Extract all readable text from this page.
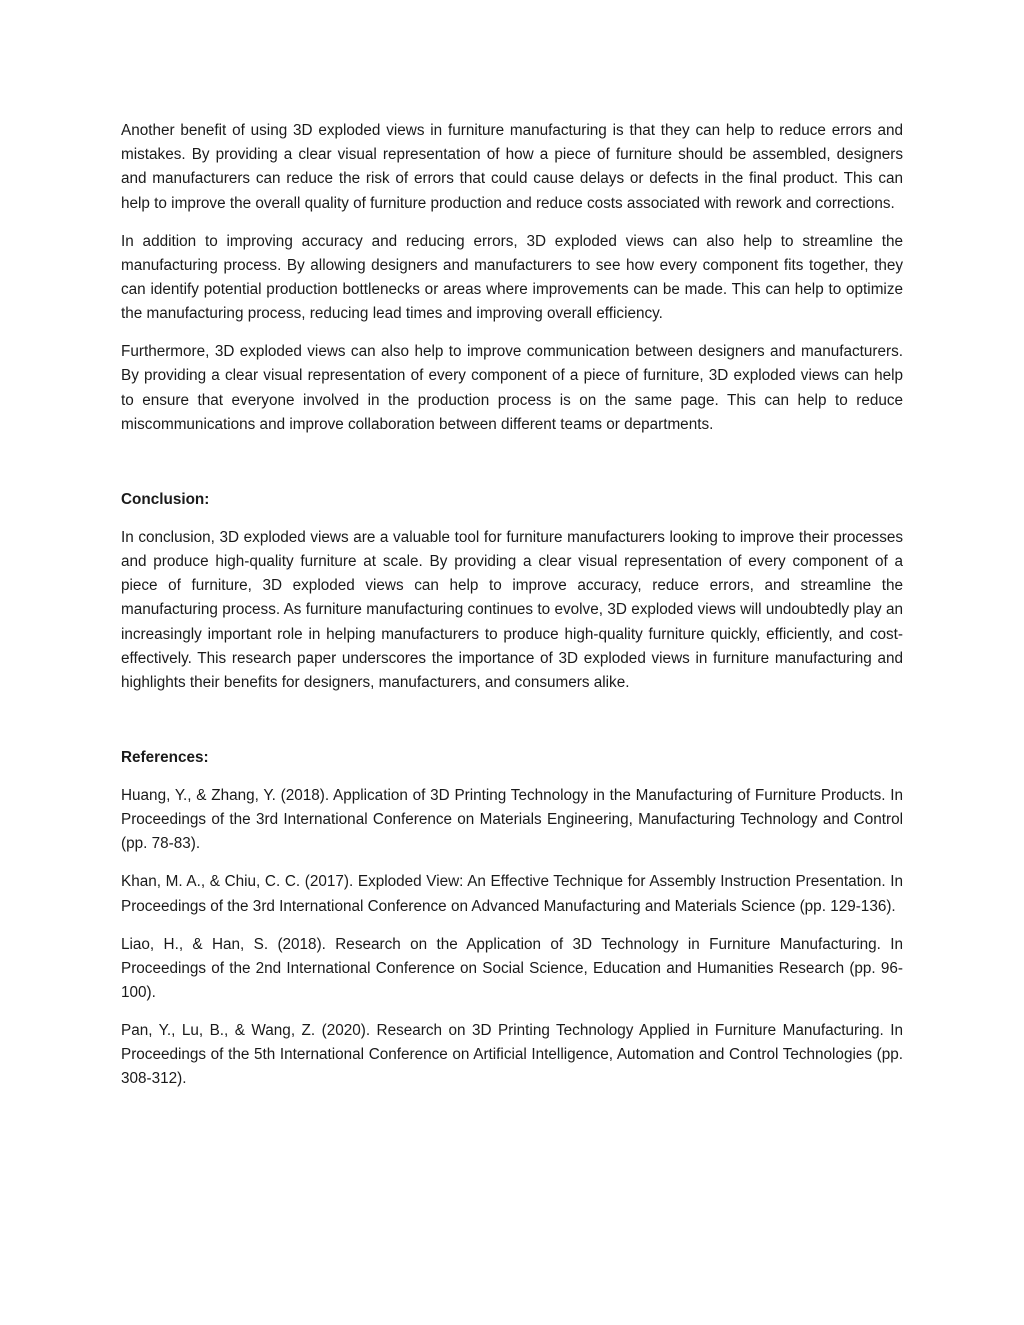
Another benefit of using 3D exploded views in furniture manufacturing is that they can help to reduce errors and mistakes. By providing a clear visual representation of how a piece of furniture should be assembled, designers and manufacturers can reduce the risk of errors that could cause delays or defects in the final product. This can help to improve the overall quality of furniture production and reduce costs associated with rework and corrections.

In addition to improving accuracy and reducing errors, 3D exploded views can also help to streamline the manufacturing process. By allowing designers and manufacturers to see how every component fits together, they can identify potential production bottlenecks or areas where improvements can be made. This can help to optimize the manufacturing process, reducing lead times and improving overall efficiency.

Furthermore, 3D exploded views can also help to improve communication between designers and manufacturers. By providing a clear visual representation of every component of a piece of furniture, 3D exploded views can help to ensure that everyone involved in the production process is on the same page. This can help to reduce miscommunications and improve collaboration between different teams or departments.

Conclusion:

In conclusion, 3D exploded views are a valuable tool for furniture manufacturers looking to improve their processes and produce high-quality furniture at scale. By providing a clear visual representation of every component of a piece of furniture, 3D exploded views can help to improve accuracy, reduce errors, and streamline the manufacturing process. As furniture manufacturing continues to evolve, 3D exploded views will undoubtedly play an increasingly important role in helping manufacturers to produce high-quality furniture quickly, efficiently, and cost-effectively. This research paper underscores the importance of 3D exploded views in furniture manufacturing and highlights their benefits for designers, manufacturers, and consumers alike.

References:

Huang, Y., & Zhang, Y. (2018). Application of 3D Printing Technology in the Manufacturing of Furniture Products. In Proceedings of the 3rd International Conference on Materials Engineering, Manufacturing Technology and Control (pp. 78-83).

Khan, M. A., & Chiu, C. C. (2017). Exploded View: An Effective Technique for Assembly Instruction Presentation. In Proceedings of the 3rd International Conference on Advanced Manufacturing and Materials Science (pp. 129-136).

Liao, H., & Han, S. (2018). Research on the Application of 3D Technology in Furniture Manufacturing. In Proceedings of the 2nd International Conference on Social Science, Education and Humanities Research (pp. 96-100).

Pan, Y., Lu, B., & Wang, Z. (2020). Research on 3D Printing Technology Applied in Furniture Manufacturing. In Proceedings of the 5th International Conference on Artificial Intelligence, Automation and Control Technologies (pp. 308-312).
